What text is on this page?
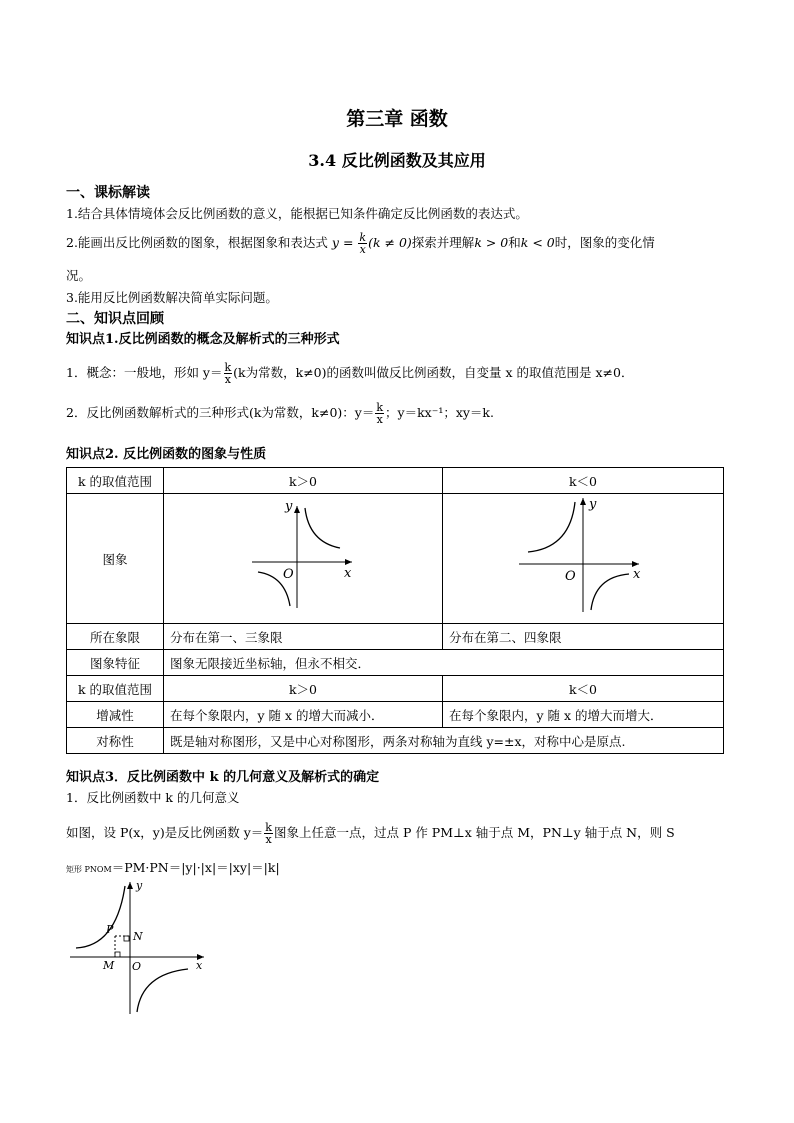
第三章 函数
3.4 反比例函数及其应用
一、课标解读
1.结合具体情境体会反比例函数的意义，能根据已知条件确定反比例函数的表达式。
2.能画出反比例函数的图象，根据图象和表达式 $y = \frac{k}{x} (k \ne 0)$探索并理解k > 0和k < 0时，图象的变化情
况。
3.能用反比例函数解决简单实际问题。
二、知识点回顾
知识点1.反比例函数的概念及解析式的三种形式
1．概念：一般地，形如 $y= \frac{k}{x} (k$为常数，k≠0)的函数叫做反比例函数，自变量 x 的取值范围是 x≠0．
2．反比例函数解析式的三种形式(k为常数，k≠0)：$y= \frac{k}{x}$ ；y＝kx⁻¹；xy＝k.
知识点2. 反比例函数的图象与性质
k 的取值范围	k＞0	k＜0
图象	y
x
O	y
x
O

所在象限	分布在第一、三象限	分布在第二、四象限
图象特征	图象无限接近坐标轴，但永不相交．	
k 的取值范围	k＞0	k＜0
增减性	在每个象限内，y 随 x 的增大而减小．	在每个象限内，y 随 x 的增大而增大．
对称性	既是轴对称图形，又是中心对称图形，两条对称轴为直线 y=±x，对称中心是原点.	
知识点3．反比例函数中 k 的几何意义及解析式的确定
1．反比例函数中 k 的几何意义
如图，设 P(x，y)是反比例函数 $y= \frac{k}{x}$ 图象上任意一点，过点 P 作 PM⊥x 轴于点 M，PN⊥y 轴于点 N，则 S
矩形 PNOM＝PM·PN＝|y|·|x|＝|xy|＝|k|
y
x
O
P
N
M
